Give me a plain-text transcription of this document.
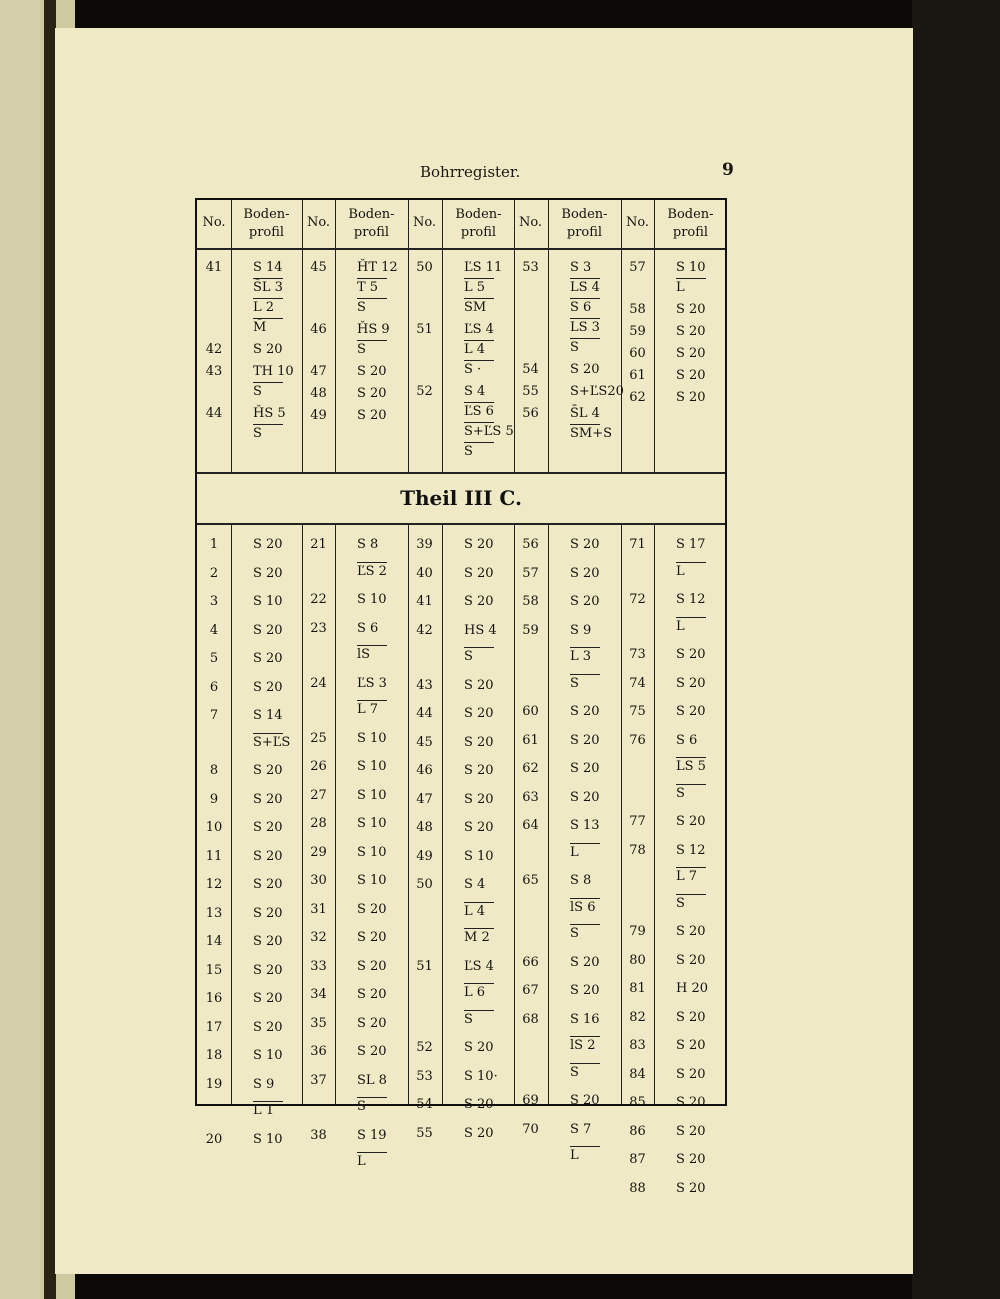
Bohrregister.	9
Theil III C.
No.
Boden-
profil
No.
Boden-
profil
No.
Boden-
profil
No.
Boden-
profil
No.
Boden-
profil
41	S 14
S̄L 3
L 2
M̄
42	S 20
43	TH 10
S
44	ȞS 5
S
45	ȞT 12
T 5
S
46	ȞS 9
S
47	S 20
48	S 20
49	S 20
50	ĽS 11
L 5
SM
51	ĽS 4
L 4
S ·
52	S 4
ĽS 6
S+ĽS 5
S
53	S 3
LS 4
S 6
LS 3
S
54	S 20
55	S+ĽS20
56	S̄L 4
SM+S
57	S 10
L
58	S 20
59	S 20
60	S 20
61	S 20
62	S 20
1	S 20
2	S 20
3	S 10
4	S 20
5	S 20
6	S 20
7	S 14
S+ĽS
8	S 20
9	S 20
10	S 20
11	S 20
12	S 20
13	S 20
14	S 20
15	S 20
16	S 20
17	S 20
18	S 10
19	S 9
L 1
20	S 10
21	S 8
ĽS 2
22	S 10
23	S 6
lS
24	ĽS 3
L 7
25	S 10
26	S 10
27	S 10
28	S 10
29	S 10
30	S 10
31	S 20
32	S 20
33	S 20
34	S 20
35	S 20
36	S 20
37	SL 8
S
38	S 19
L
39	S 20
40	S 20
41	S 20
42	HS 4
S
43	S 20
44	S 20
45	S 20
46	S 20
47	S 20
48	S 20
49	S 10
50	S 4
L 4
M 2
51	ĽS 4
L 6
S
52	S 20
53	S 10·
54	S 20
55	S 20
56	S 20
57	S 20
58	S 20
59	S 9
L 3
S
60	S 20
61	S 20
62	S 20
63	S 20
64	S 13
L
65	S 8
lS 6
S
66	S 20
67	S 20
68	S 16
lS 2
S
69	S 20
70	S 7
L
71	S 17
L
72	S 12
L
73	S 20
74	S 20
75	S 20
76	S 6
LS 5
S
77	S 20
78	S 12
L 7
S
79	S 20
80	S 20
81	H 20
82	S 20
83	S 20
84	S 20
85	S 20
86	S 20
87	S 20
88	S 20
